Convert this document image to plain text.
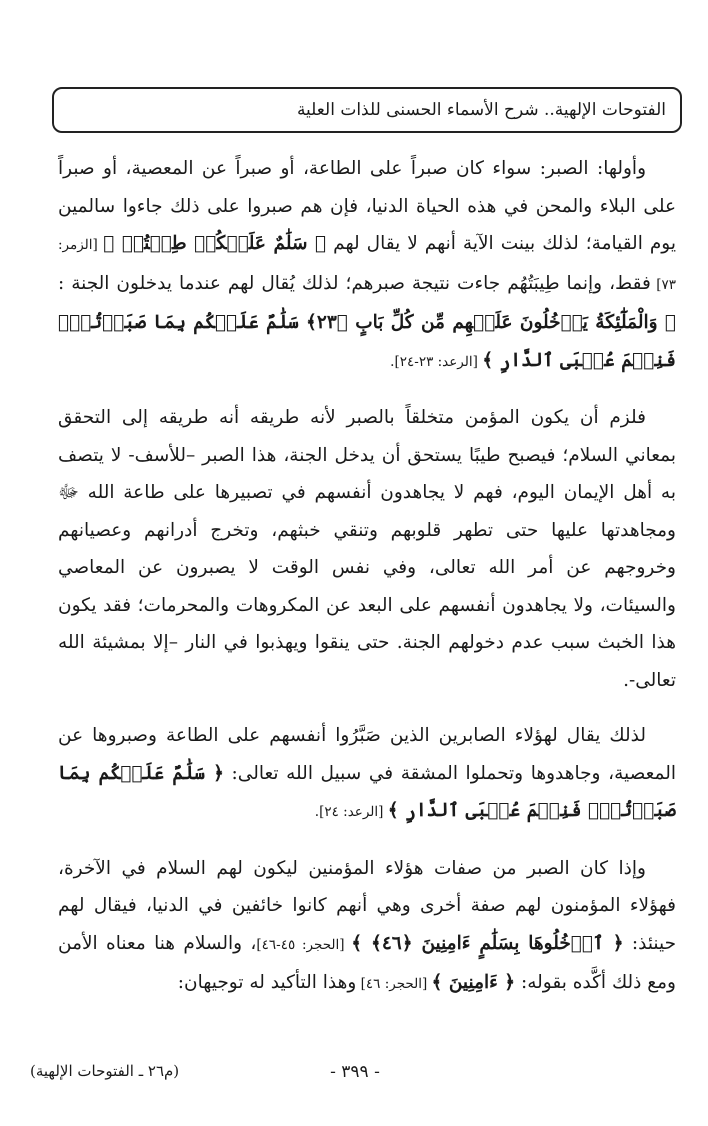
الفتوحات الإلهية.. شرح الأسماء الحسنى للذات العلية

وأولها: الصبر: سواء كان صبراً على الطاعة، أو صبراً عن المعصية، أو صبراً على البلاء والمحن في هذه الحياة الدنيا، فإن هم صبروا على ذلك جاءوا سالمين يوم القيامة؛ لذلك بينت الآية أنهم لا يقال لهم ﴿ سَلَٰمٌ عَلَيۡكُمۡ طِبۡتُمۡ ﴾ [الزمر: ٧٣] فقط، وإنما طِيبَتُهُم جاءت نتيجة صبرهم؛ لذلك يُقال لهم عندما يدخلون الجنة : ﴿ وَالْمَلَٰٓئِكَةُ يَدۡخُلُونَ عَلَيۡهِم مِّن كُلِّ بَابٍ ﴿٢٣﴾ سَلَٰمٌ عَلَيۡكُم بِمَا صَبَرۡتُمۡۚ فَنِعۡمَ عُقۡبَى ٱلدَّارِ ﴾ [الرعد: ٢٣-٢٤].

فلزم أن يكون المؤمن متخلقاً بالصبر لأنه طريقه أنه طريقه إلى التحقق بمعاني السلام؛ فيصبح طيبًا يستحق أن يدخل الجنة، هذا الصبر –للأسف- لا يتصف به أهل الإيمان اليوم، فهم لا يجاهدون أنفسهم في تصبيرها على طاعة الله ﷻ ومجاهدتها عليها حتى تطهر قلوبهم وتنقي خبثهم، وتخرج أدرانهم وعصيانهم وخروجهم عن أمر الله تعالى، وفي نفس الوقت لا يصبرون عن المعاصي والسيئات، ولا يجاهدون أنفسهم على البعد عن المكروهات والمحرمات؛ فقد يكون هذا الخبث سبب عدم دخولهم الجنة. حتى ينقوا ويهذبوا في النار –إلا بمشيئة الله تعالى-.

لذلك يقال لهؤلاء الصابرين الذين صَبَّرُوا أنفسهم على الطاعة وصبروها عن المعصية، وجاهدوها وتحملوا المشقة في سبيل الله تعالى: ﴿ سَلَٰمٌ عَلَيۡكُم بِمَا صَبَرۡتُمۡۚ فَنِعۡمَ عُقۡبَى ٱلدَّارِ ﴾ [الرعد: ٢٤].

وإذا كان الصبر من صفات هؤلاء المؤمنين ليكون لهم السلام في الآخرة، فهؤلاء المؤمنون لهم صفة أخرى وهي أنهم كانوا خائفين في الدنيا، فيقال لهم حينئذ: ﴿ ٱدۡخُلُوهَا بِسَلَٰمٍ ءَامِنِينَ ﴿٤٦﴾ ﴾ [الحجر: ٤٥-٤٦]، والسلام هنا معناه الأمن ومع ذلك أكَّده بقوله: ﴿ ءَامِنِينَ ﴾ [الحجر: ٤٦] وهذا التأكيد له توجيهان:

- ٣٩٩ -
(م٢٦ ـ الفتوحات الإلهية)
